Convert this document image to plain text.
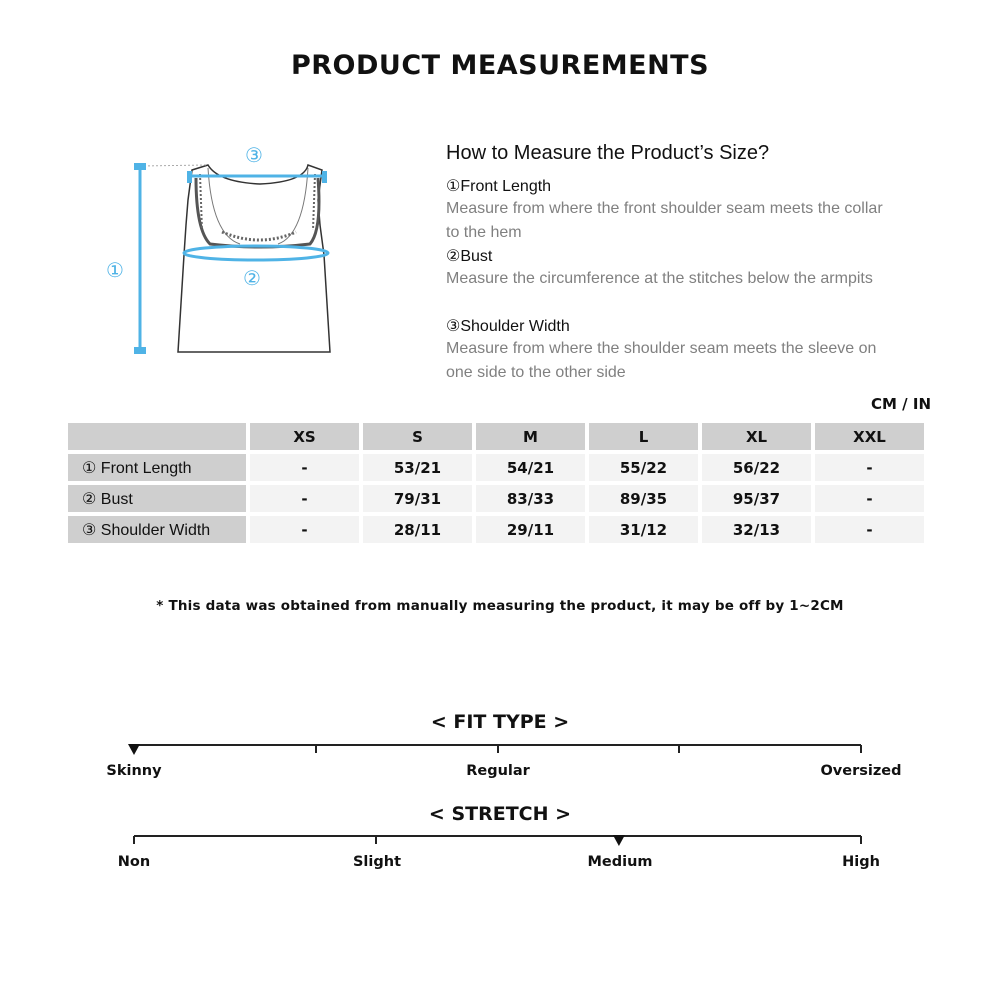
PRODUCT MEASUREMENTS
①	②
③	How to Measure the Product’s Size?
①Front Length
Measure from where the front shoulder seam meets the collar to the hem
②Bust
Measure the circumference at the stitches below the armpits
③Shoulder Width
Measure from where the shoulder seam meets the sleeve on one side to the other side
CM / IN
	XS	S	M	L	XL	XXL
① Front Length	-	53/21	54/21	55/22	56/22	-
② Bust	-	79/31	83/33	89/35	95/37	-
③ Shoulder Width	-	28/11	29/11	31/12	32/13	-
* This data was obtained from manually measuring the product, it may be off by 1~2CM
< FIT TYPE >
Skinny	Regular	Oversized
< STRETCH >
Non	Slight	Medium	High
